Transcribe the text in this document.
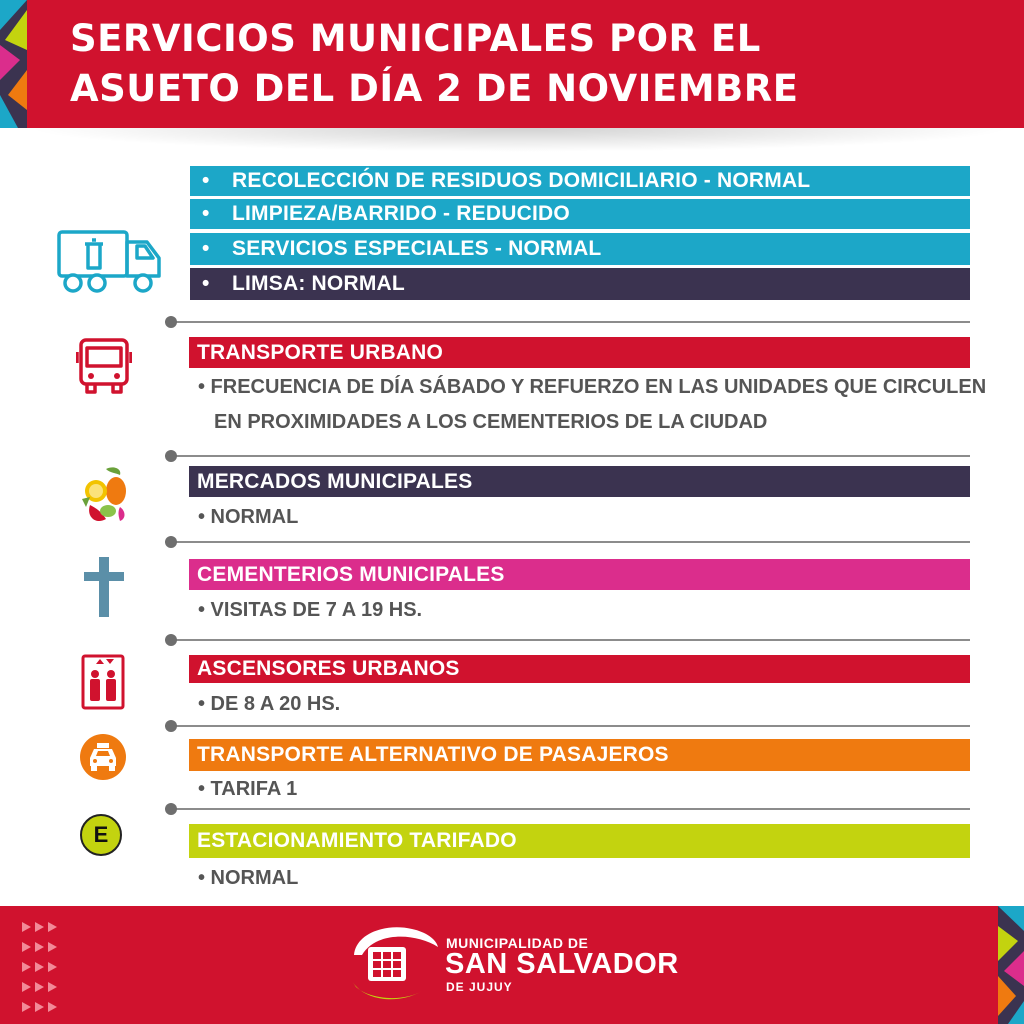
SERVICIOS MUNICIPALES POR EL
ASUETO DEL DÍA 2 DE NOVIEMBRE
•	RECOLECCIÓN DE RESIDUOS DOMICILIARIO - NORMAL
•	LIMPIEZA/BARRIDO - REDUCIDO
•	SERVICIOS ESPECIALES - NORMAL
•	LIMSA: NORMAL
TRANSPORTE URBANO
• FRECUENCIA DE DÍA SÁBADO Y REFUERZO EN LAS UNIDADES QUE CIRCULEN
EN PROXIMIDADES A LOS CEMENTERIOS DE LA CIUDAD
MERCADOS MUNICIPALES
• NORMAL
CEMENTERIOS MUNICIPALES
• VISITAS DE 7 A 19 HS.
ASCENSORES URBANOS
• DE 8 A 20 HS.
TRANSPORTE ALTERNATIVO DE PASAJEROS
• TARIFA 1
E	ESTACIONAMIENTO TARIFADO
• NORMAL
MUNICIPALIDAD DE
SAN SALVADOR
DE JUJUY
